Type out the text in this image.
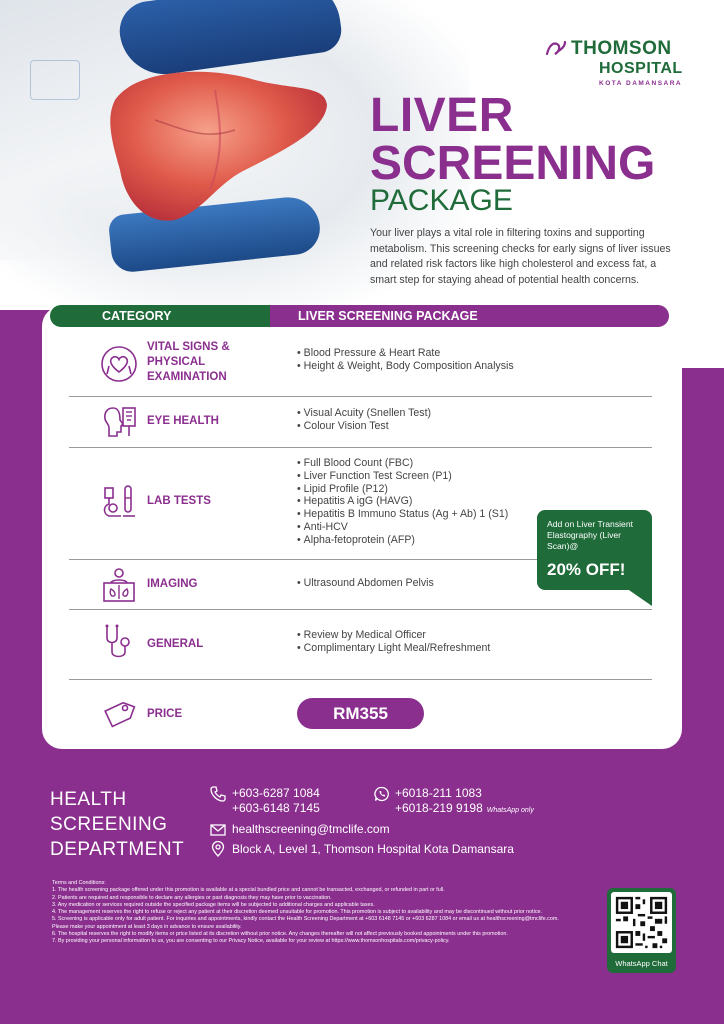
THOMSON
HOSPITAL
KOTA DAMANSARA
LIVER
SCREENING
PACKAGE
Your liver plays a vital role in filtering toxins and supporting metabolism. This screening checks for early signs of liver issues and related risk factors like high cholesterol and excess fat, a smart step for staying ahead of potential health concerns.
CATEGORY	LIVER SCREENING PACKAGE
VITAL SIGNS &
PHYSICAL
EXAMINATION
• Blood Pressure & Heart Rate
• Height & Weight, Body Composition Analysis
EYE HEALTH
• Visual Acuity (Snellen Test)
• Colour Vision Test
LAB TESTS
• Full Blood Count (FBC)
• Liver Function Test Screen (P1)
• Lipid Profile (P12)
• Hepatitis A igG (HAVG)
• Hepatitis B Immuno Status (Ag + Ab) 1 (S1)
• Anti-HCV
• Alpha-fetoprotein (AFP)
IMAGING
•	Ultrasound Abdomen Pelvis
GENERAL
• Review by Medical Officer
• Complimentary Light Meal/Refreshment
PRICE	RM355
Add on Liver Transient Elastography (Liver Scan)@
20% OFF!
HEALTH
SCREENING
DEPARTMENT
+603-6287 1084
+603-6148 7145
+6018-211 1083
+6018-219 9198 WhatsApp only
healthscreening@tmclife.com
Block A, Level 1, Thomson Hospital Kota Damansara

Terms and Conditions:

1. The health screening package offered under this promotion is available at a special bundled price and cannot be transacted, exchanged, or refunded in part or full.

2. Patients are required and responsible to declare any allergies or past diagnosis they may have prior to vaccination.

3. Any medication or services required outside the specified package items will be subjected to additional charges and applicable taxes.

4. The management reserves the right to refuse or reject any patient at their discretion deemed unsuitable for promotion. This promotion is subject to availability and may be discontinued without prior notice.

5. Screening is applicable only for adult patient. For inquiries and appointments, kindly contact the Health Screening Department at +603 6148 7145 or +603 6287 1084 or email us at healthscreening@tmclife.com. Please make your appointment at least 3 days in advance to ensure availability.

6. The hospital reserves the right to modify items or price listed at its discretion without prior notice. Any changes thereafter will not affect previously booked appointments under this promotion.

7. By providing your personal information to us, you are consenting to our Privacy Notice, available for your review at https://www.thomsonhospitals.com/privacy-policy.

WhatsApp Chat
